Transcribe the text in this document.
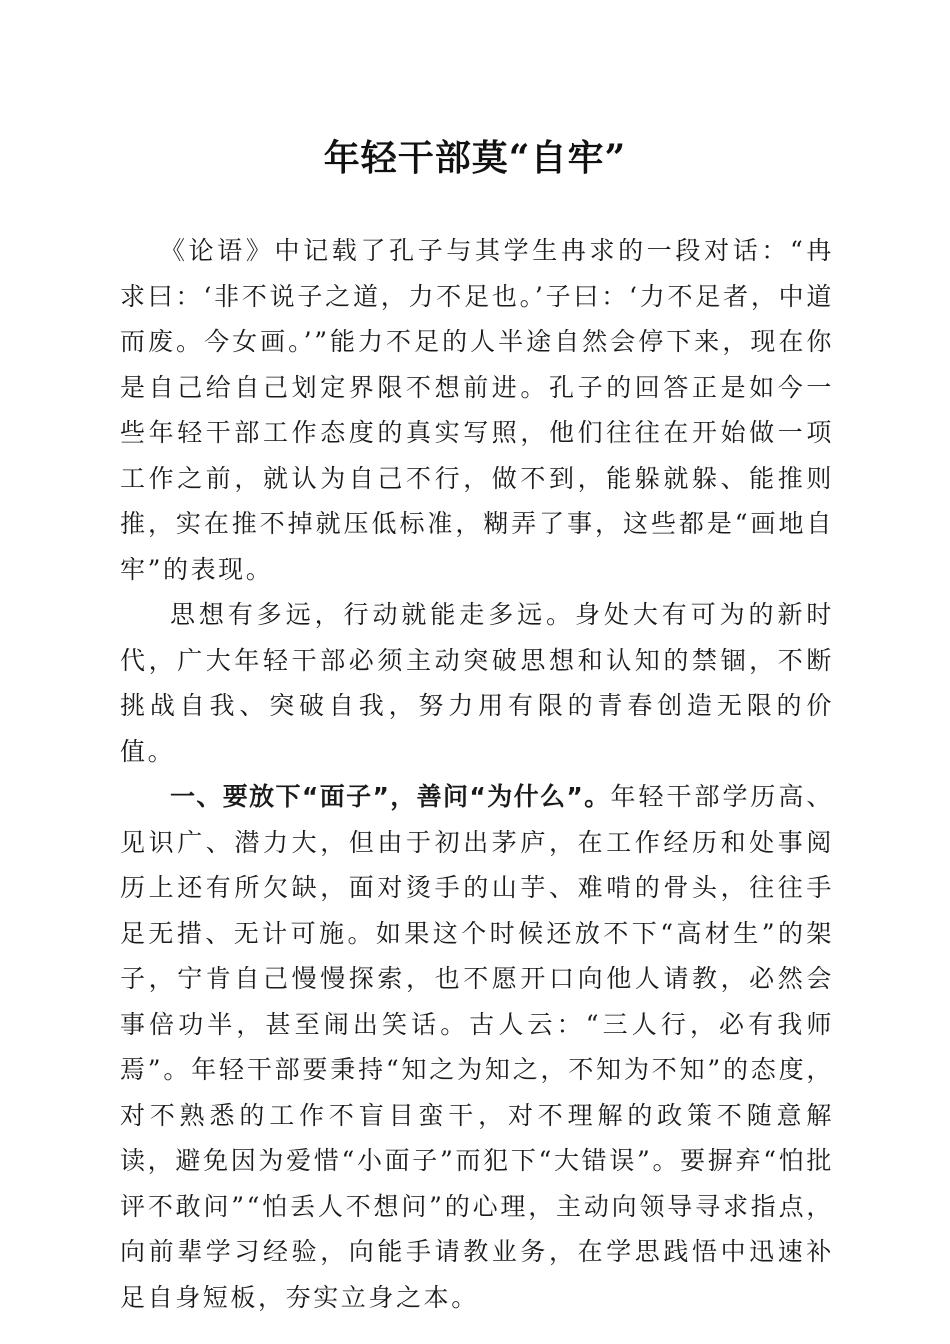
年轻干部莫“自牢”

《论语》中记载了孔子与其学生冉求的一段对话：“冉求曰：‘非不说子之道，力不足也。’子曰：‘力不足者，中道而废。今女画。’”能力不足的人半途自然会停下来，现在你是自己给自己划定界限不想前进。孔子的回答正是如今一些年轻干部工作态度的真实写照，他们往往在开始做一项工作之前，就认为自己不行，做不到，能躲就躲、能推则推，实在推不掉就压低标准，糊弄了事，这些都是“画地自牢”的表现。

思想有多远，行动就能走多远。身处大有可为的新时代，广大年轻干部必须主动突破思想和认知的禁锢，不断挑战自我、突破自我，努力用有限的青春创造无限的价值。

一、要放下“面子”，善问“为什么”。年轻干部学历高、见识广、潜力大，但由于初出茅庐，在工作经历和处事阅历上还有所欠缺，面对烫手的山芋、难啃的骨头，往往手足无措、无计可施。如果这个时候还放不下“高材生”的架子，宁肯自己慢慢探索，也不愿开口向他人请教，必然会事倍功半，甚至闹出笑话。古人云：“三人行，必有我师焉”。年轻干部要秉持“知之为知之，不知为不知”的态度，对不熟悉的工作不盲目蛮干，对不理解的政策不随意解读，避免因为爱惜“小面子”而犯下“大错误”。要摒弃“怕批评不敢问”“怕丢人不想问”的心理，主动向领导寻求指点，向前辈学习经验，向能手请教业务，在学思践悟中迅速补足自身短板，夯实立身之本。
